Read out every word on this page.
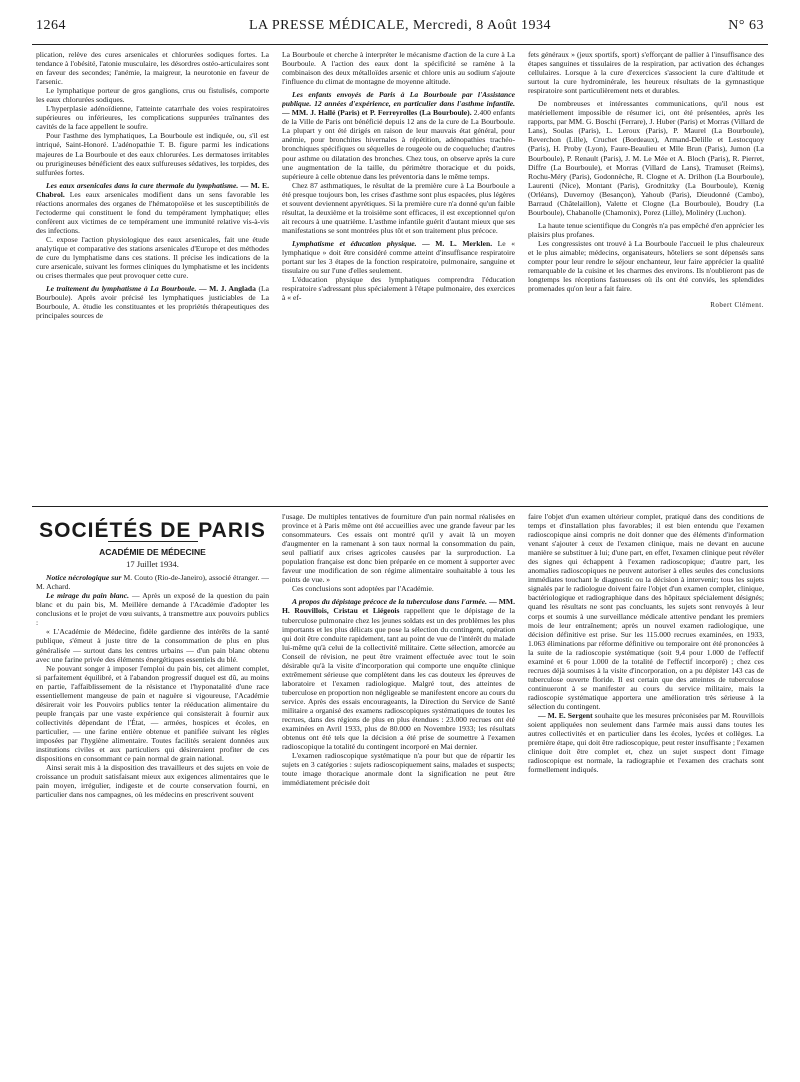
1264	LA PRESSE MÉDICALE, Mercredi, 8 Août 1934	N° 63

plication, relève des cures arsenicales et chlorurées sodiques fortes. La tendance à l'obésité, l'atonie musculaire, les désordres ostéo-articulaires sont en faveur des secondes; l'anémie, la maigreur, la neurotonie en faveur de l'arsenic.

Le lymphatique porteur de gros ganglions, crus ou fistulisés, comporte les eaux chlorurées sodiques.

L'hyperplasie adénoïdienne, l'atteinte catarrhale des voies respiratoires supérieures ou inférieures, les complications suppurées traînantes des cavités de la face appellent le soufre.

Pour l'asthme des lymphatiques, La Bourboule est indiquée, ou, s'il est intriqué, Saint-Honoré. L'adénopathie T. B. figure parmi les indications majeures de La Bourboule et des eaux chlorurées. Les dermatoses irritables ou prurigineuses bénéficient des eaux sulfureuses sédatives, les torpides, des sulfurées fortes.

Les eaux arsenicales dans la cure thermale du lymphatisme. — M. E. Chabrol. Les eaux arsenicales modifient dans un sens favorable les réactions anormales des organes de l'hématopoïèse et les susceptibilités de l'ectoderme qui constituent le fond du tempérament lymphatique; elles confèrent aux victimes de ce tempérament une immunité relative vis-à-vis des infections.

C. expose l'action physiologique des eaux arsenicales, fait une étude analytique et comparative des stations arsenicales d'Europe et des méthodes de cure du lymphatisme dans ces stations. Il précise les indications de la cure arsenicale, suivant les formes cliniques du lymphatisme et les incidents ou crises thermales que peut provoquer cette cure.

Le traitement du lymphatisme à La Bourboule. — M. J. Anglada (La Bourboule). Après avoir précisé les lymphatiques justiciables de La Bourboule, A. étudie les constituantes et les propriétés thérapeutiques des principales sources de

La Bourboule et cherche à interpréter le mécanisme d'action de la cure à La Bourboule. A l'action des eaux dont la spécificité se ramène à la combinaison des deux métalloïdes arsenic et chlore unis au sodium s'ajoute l'influence du climat de montagne de moyenne altitude.

Les enfants envoyés de Paris à La Bourboule par l'Assistance publique. 12 années d'expérience, en particulier dans l'asthme infantile. — MM. J. Hallé (Paris) et P. Ferreyrolles (La Bourboule). 2.400 enfants de la Ville de Paris ont bénéficié depuis 12 ans de la cure de La Bourboule. La plupart y ont été dirigés en raison de leur mauvais état général, pour anémie, pour bronchites hivernales à répétition, adénopathies trachéo-bronchiques spécifiques ou séquelles de rougeole ou de coqueluche; d'autres pour asthme ou dilatation des bronches. Chez tous, on observe après la cure une augmentation de la taille, du périmètre thoracique et du poids, supérieure à celle obtenue dans les préventoria dans le même temps.

Chez 87 asthmatiques, le résultat de la première cure à La Bourboule a été presque toujours bon, les crises d'asthme sont plus espacées, plus légères et souvent deviennent apyrétiques. Si la première cure n'a donné qu'un faible résultat, la deuxième et la troisième sont efficaces, il est exceptionnel qu'on ait recours à une quatrième. L'asthme infantile guérit d'autant mieux que ses manifestations se sont montrées plus tôt et son traitement plus précoce.

Lymphatisme et éducation physique. — M. L. Merklen. Le « lymphatique » doit être considéré comme atteint d'insuffisance respiratoire portant sur les 3 étapes de la fonction respiratoire, pulmonaire, sanguine et tissulaire ou sur l'une d'elles seulement.

L'éducation physique des lymphatiques comprendra l'éducation respiratoire s'adressant plus spécialement à l'étape pulmonaire, des exercices à « ef-

fets généraux » (jeux sportifs, sport) s'efforçant de pallier à l'insuffisance des étapes sanguines et tissulaires de la respiration, par activation des échanges cellulaires. Lorsque à la cure d'exercices s'associent la cure d'altitude et surtout la cure hydrominérale, les heureux résultats de la gymnastique respiratoire sont particulièrement nets et durables.

De nombreuses et intéressantes communications, qu'il nous est matériellement impossible de résumer ici, ont été présentées, après les rapports, par MM. G. Boschi (Ferrare), J. Huber (Paris) et Morras (Villard de Lans), Soulas (Paris), L. Leroux (Paris), P. Maurel (La Bourboule), Reverchon (Lille), Cruchet (Bordeaux), Armand-Delille et Lestocquoy (Paris), H. Proby (Lyon), Faure-Beaulieu et Mlle Brun (Paris), Jumon (La Bourboule), P. Renault (Paris), J. M. Le Mée et A. Bloch (Paris), R. Pierret, Diffre (La Bourboule), et Morras (Villard de Lans), Tramuset (Reims), Rochu-Méry (Paris), Godonnèche, R. Clogne et A. Drilhon (La Bourboule), Laurenti (Nice), Montant (Paris), Grodnitzky (La Bourboule), Kœnig (Orléans), Duvernoy (Besançon), Yahoub (Paris), Dieudonné (Cambo), Barraud (Châtelaillon), Valette et Clogne (La Bourboule), Boudry (La Bourboule), Chabanolle (Chamonix), Porez (Lille), Molinéry (Luchon).

La haute tenue scientifique du Congrès n'a pas empêché d'en apprécier les plaisirs plus profanes.

Les congressistes ont trouvé à La Bourboule l'accueil le plus chaleureux et le plus aimable; médecins, organisateurs, hôteliers se sont dépensés sans compter pour leur rendre le séjour enchanteur, leur faire apprécier la qualité remarquable de la cuisine et les charmes des environs. Ils n'oublieront pas de longtemps les réceptions fastueuses où ils ont été conviés, les splendides promenades qu'on leur a fait faire.

Robert Clément.
SOCIÉTÉS DE PARIS
ACADÉMIE DE MÉDECINE
17 Juillet 1934.

Notice nécrologique sur M. Couto (Rio-de-Janeiro), associé étranger. — M. Achard.

Le mirage du pain blanc. — Après un exposé de la question du pain blanc et du pain bis, M. Meillère demande à l'Académie d'adopter les conclusions et le projet de vœu suivants, à transmettre aux pouvoirs publics :

« L'Académie de Médecine, fidèle gardienne des intérêts de la santé publique, s'émeut à juste titre de la consommation de plus en plus généralisée — surtout dans les centres urbains — d'un pain blanc obtenu avec une farine privée des éléments énergétiques essentiels du blé.

Ne pouvant songer à imposer l'emploi du pain bis, cet aliment complet, si parfaitement équilibré, et à l'abandon progressif duquel est dû, au moins en partie, l'affaiblissement de la résistance et l'hyponatalité d'une race essentiellement mangeuse de pain et naguère si vigoureuse, l'Académie désirerait voir les Pouvoirs publics tenter la rééducation alimentaire du peuple français par une vaste expérience qui consisterait à fournir aux collectivités dépendant de l'État, — armées, hospices et écoles, en particulier, — une farine entière obtenue et panifiée suivant les règles imposées par l'hygiène alimentaire. Toutes facilités seraient données aux institutions civiles et aux particuliers qui désireraient profiter de ces dispositions en consommant ce pain normal de grain national.

Ainsi serait mis à la disposition des travailleurs et des sujets en voie de croissance un produit satisfaisant mieux aux exigences alimentaires que le pain moyen, irrégulier, indigeste et de courte conservation fourni, en particulier dans nos campagnes, où les médecins en prescrivent souvent

l'usage. De multiples tentatives de fourniture d'un pain normal réalisées en province et à Paris même ont été accueillies avec une grande faveur par les consommateurs. Ces essais ont montré qu'il y avait là un moyen d'augmenter en la ramenant à son taux normal la consommation du pain, seul palliatif aux crises agricoles causées par la surproduction. La population française est donc bien préparée en ce moment à supporter avec faveur une modification de son régime alimentaire souhaitable à tous les points de vue. »

Ces conclusions sont adoptées par l'Académie.

A propos du dépistage précoce de la tuberculose dans l'armée. — MM. H. Rouvillois, Cristau et Liégeois rappellent que le dépistage de la tuberculose pulmonaire chez les jeunes soldats est un des problèmes les plus importants et les plus délicats que pose la sélection du contingent, opération qui doit être conduite rapidement, tant au point de vue de l'intérêt du malade lui-même qu'à celui de la collectivité militaire. Cette sélection, amorcée au Conseil de révision, ne peut être vraiment effectuée avec tout le soin désirable qu'à la visite d'incorporation qui comporte une enquête clinique extrêmement sérieuse que complètent dans les cas douteux les épreuves de laboratoire et l'examen radiologique. Malgré tout, des atteintes de tuberculose en proportion non négligeable se manifestent encore au cours du service. Après des essais encourageants, la Direction du Service de Santé militaire a organisé des examens radioscopiques systématiques de toutes les recrues, dans des régions de plus en plus étendues : 23.000 recrues ont été examinées en Avril 1933, plus de 80.000 en Novembre 1933; les résultats obtenus ont été tels que la décision a été prise de soumettre à l'examen radioscopique la totalité du contingent incorporé en Mai dernier.

L'examen radioscopique systématique n'a pour but que de répartir les sujets en 3 catégories : sujets radioscopiquement sains, malades et suspects; toute image thoracique anormale dont la signification ne peut être immédiatement précisée doit

faire l'objet d'un examen ultérieur complet, pratiqué dans des conditions de temps et d'installation plus favorables; il est bien entendu que l'examen radioscopique ainsi compris ne doit donner que des éléments d'information venant s'ajouter à ceux de l'examen clinique, mais ne devant en aucune manière se substituer à lui; d'une part, en effet, l'examen clinique peut révéler des signes qui échappent à l'examen radioscopique; d'autre part, les anomalies radioscopiques ne peuvent autoriser à elles seules des conclusions immédiates touchant le diagnostic ou la décision à intervenir; tous les sujets signalés par le radiologue doivent faire l'objet d'un examen complet, clinique, bactériologique et radiographique dans des hôpitaux spécialement désignés; quand les résultats ne sont pas concluants, les sujets sont renvoyés à leur corps et soumis à une surveillance médicale attentive pendant les premiers mois de leur entraînement; après un nouvel examen radiologique, une décision définitive est prise. Sur les 115.000 recrues examinées, en 1933, 1.063 éliminations par réforme définitive ou temporaire ont été prononcées à la suite de la radioscopie systématique (soit 9,4 pour 1.000 de l'effectif examiné et 6 pour 1.000 de la totalité de l'effectif incorporé) ; chez ces recrues déjà soumises à la visite d'incorporation, on a pu dépister 143 cas de tuberculose ouverte floride. Il est certain que des atteintes de tuberculose continueront à se manifester au cours du service militaire, mais la radioscopie systématique apportera une amélioration très sérieuse à la sélection du contingent.

— M. E. Sergent souhaite que les mesures préconisées par M. Rouvillois soient appliquées non seulement dans l'armée mais aussi dans toutes les autres collectivités et en particulier dans les écoles, lycées et collèges. La première étape, qui doit être radioscopique, peut rester insuffisante ; l'examen clinique doit être complet et, chez un sujet suspect dont l'image radioscopique est normale, la radiographie et l'examen des crachats sont formellement indiqués.
